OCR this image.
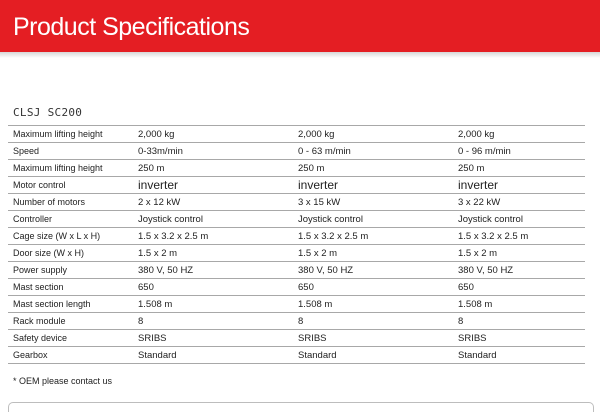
Product Specifications
CLSJ SC200
Maximum lifting height	2,000 kg	2,000 kg	2,000 kg
Speed	0-33m/min	0 - 63 m/min	0 - 96 m/min
Maximum lifting height	250 m	250 m	250 m
Motor control	inverter	inverter	inverter
Number of motors	2 x 12 kW	3 x 15 kW	3 x 22 kW
Controller	Joystick control	Joystick control	Joystick control
Cage size (W x L x H)	1.5 x 3.2 x 2.5 m	1.5 x 3.2 x 2.5 m	1.5 x 3.2 x 2.5 m
Door size (W x H)	1.5 x 2 m	1.5 x 2 m	1.5 x 2 m
Power supply	380 V, 50 HZ	380 V, 50 HZ	380 V, 50 HZ
Mast section	650	650	650
Mast section length	1.508 m	1.508 m	1.508 m
Rack module	8	8	8
Safety device	SRIBS	SRIBS	SRIBS
Gearbox	Standard	Standard	Standard
* OEM please contact us
